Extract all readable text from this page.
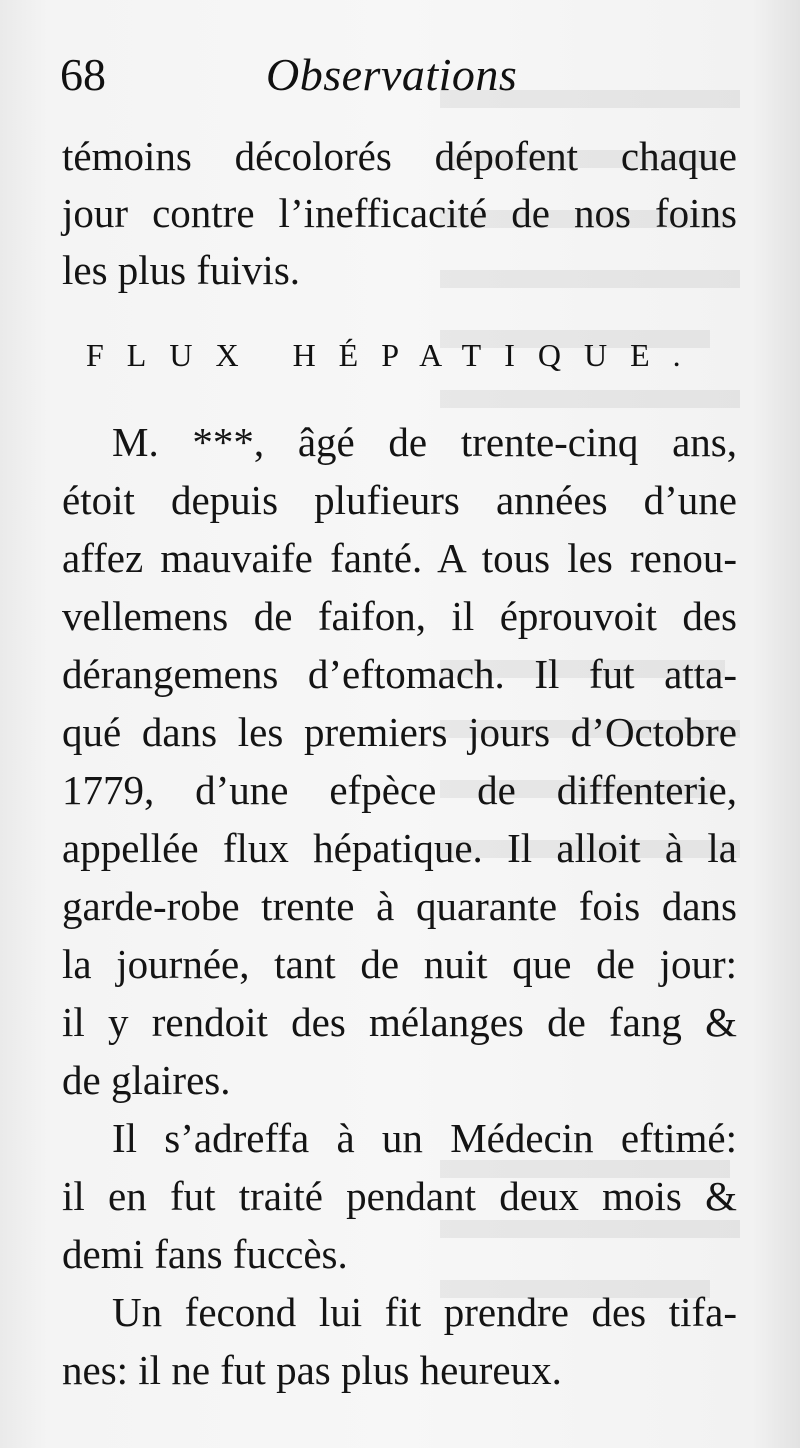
68	Observations
témoins décolorés dépofent chaque
jour contre l’inefficacité de nos foins
les plus fuivis.
FLUX HÉPATIQUE.
M. ***, âgé de trente-cinq ans,
étoit depuis plufieurs années d’une
affez mauvaife fanté. A tous les renou-
vellemens de faifon, il éprouvoit des
dérangemens d’eftomach. Il fut atta-
qué dans les premiers jours d’Octobre
1779, d’une efpèce de diffenterie,
appellée flux hépatique. Il alloit à la
garde-robe trente à quarante fois dans
la journée, tant de nuit que de jour:
il y rendoit des mélanges de fang &
de glaires.
Il s’adreffa à un Médecin eftimé:
il en fut traité pendant deux mois &
demi fans fuccès.
Un fecond lui fit prendre des tifa-
nes: il ne fut pas plus heureux.
